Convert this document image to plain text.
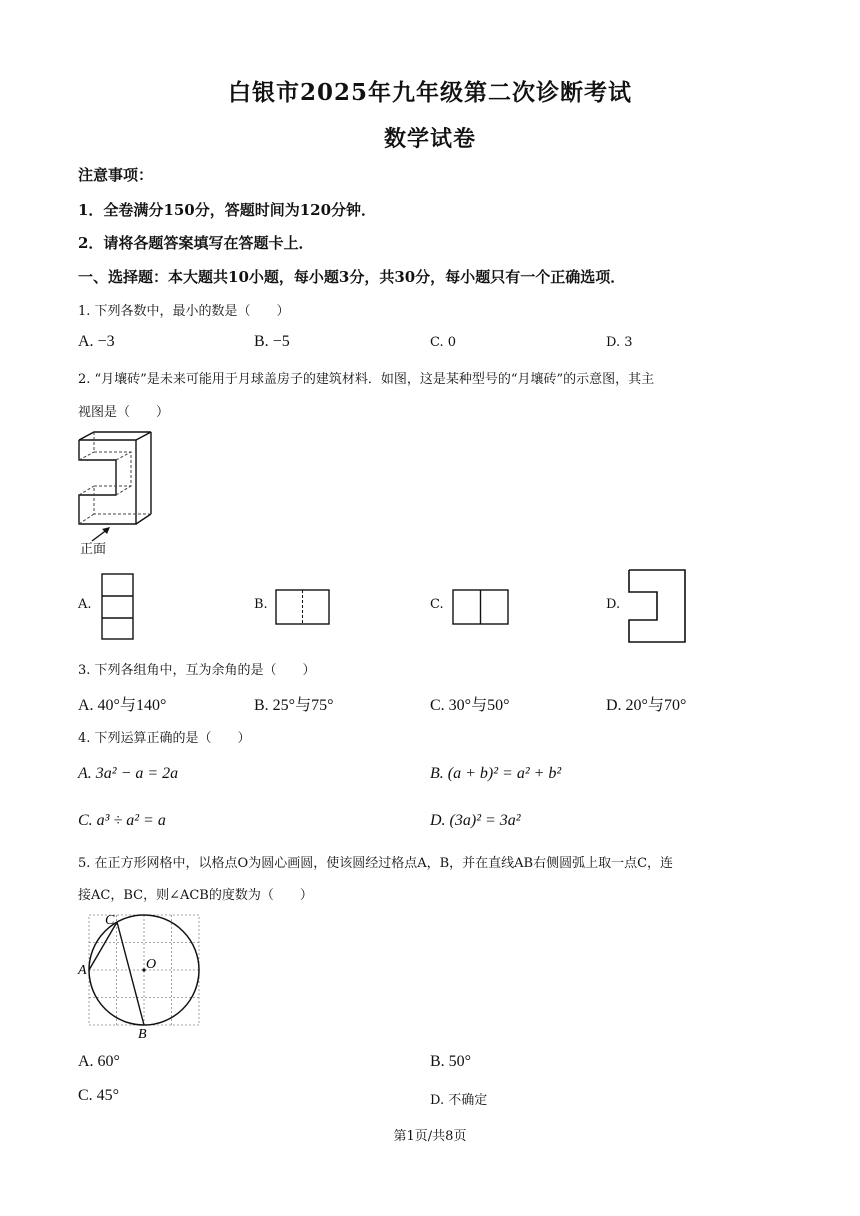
白银市2025年九年级第二次诊断考试
数学试卷
注意事项：
1．全卷满分150分，答题时间为120分钟．
2．请将各题答案填写在答题卡上．
一、选择题：本大题共10小题，每小题3分，共30分，每小题只有一个正确选项．
1. 下列各数中，最小的数是（　　）
A. −3	B. −5	C. 0	D. 3
2. “月壤砖”是未来可能用于月球盖房子的建筑材料．如图，这是某种型号的“月壤砖”的示意图，其主
视图是（　　）
正面
A.	B.	C.	D.
3. 下列各组角中，互为余角的是（　　）
A. 40°与140°	B. 25°与75°	C. 30°与50°	D. 20°与70°
4. 下列运算正确的是（　　）
A. 3a² − a = 2a	B. (a + b)² = a² + b²
C. a³ ÷ a² = a	D. (3a)² = 3a²
5. 在正方形网格中，以格点O为圆心画圆，使该圆经过格点A，B，并在直线AB右侧圆弧上取一点C，连
接AC，BC，则∠ACB的度数为（　　）
C
A	O
B
A. 60°	B. 50°
C. 45°	D. 不确定
第1页/共8页
